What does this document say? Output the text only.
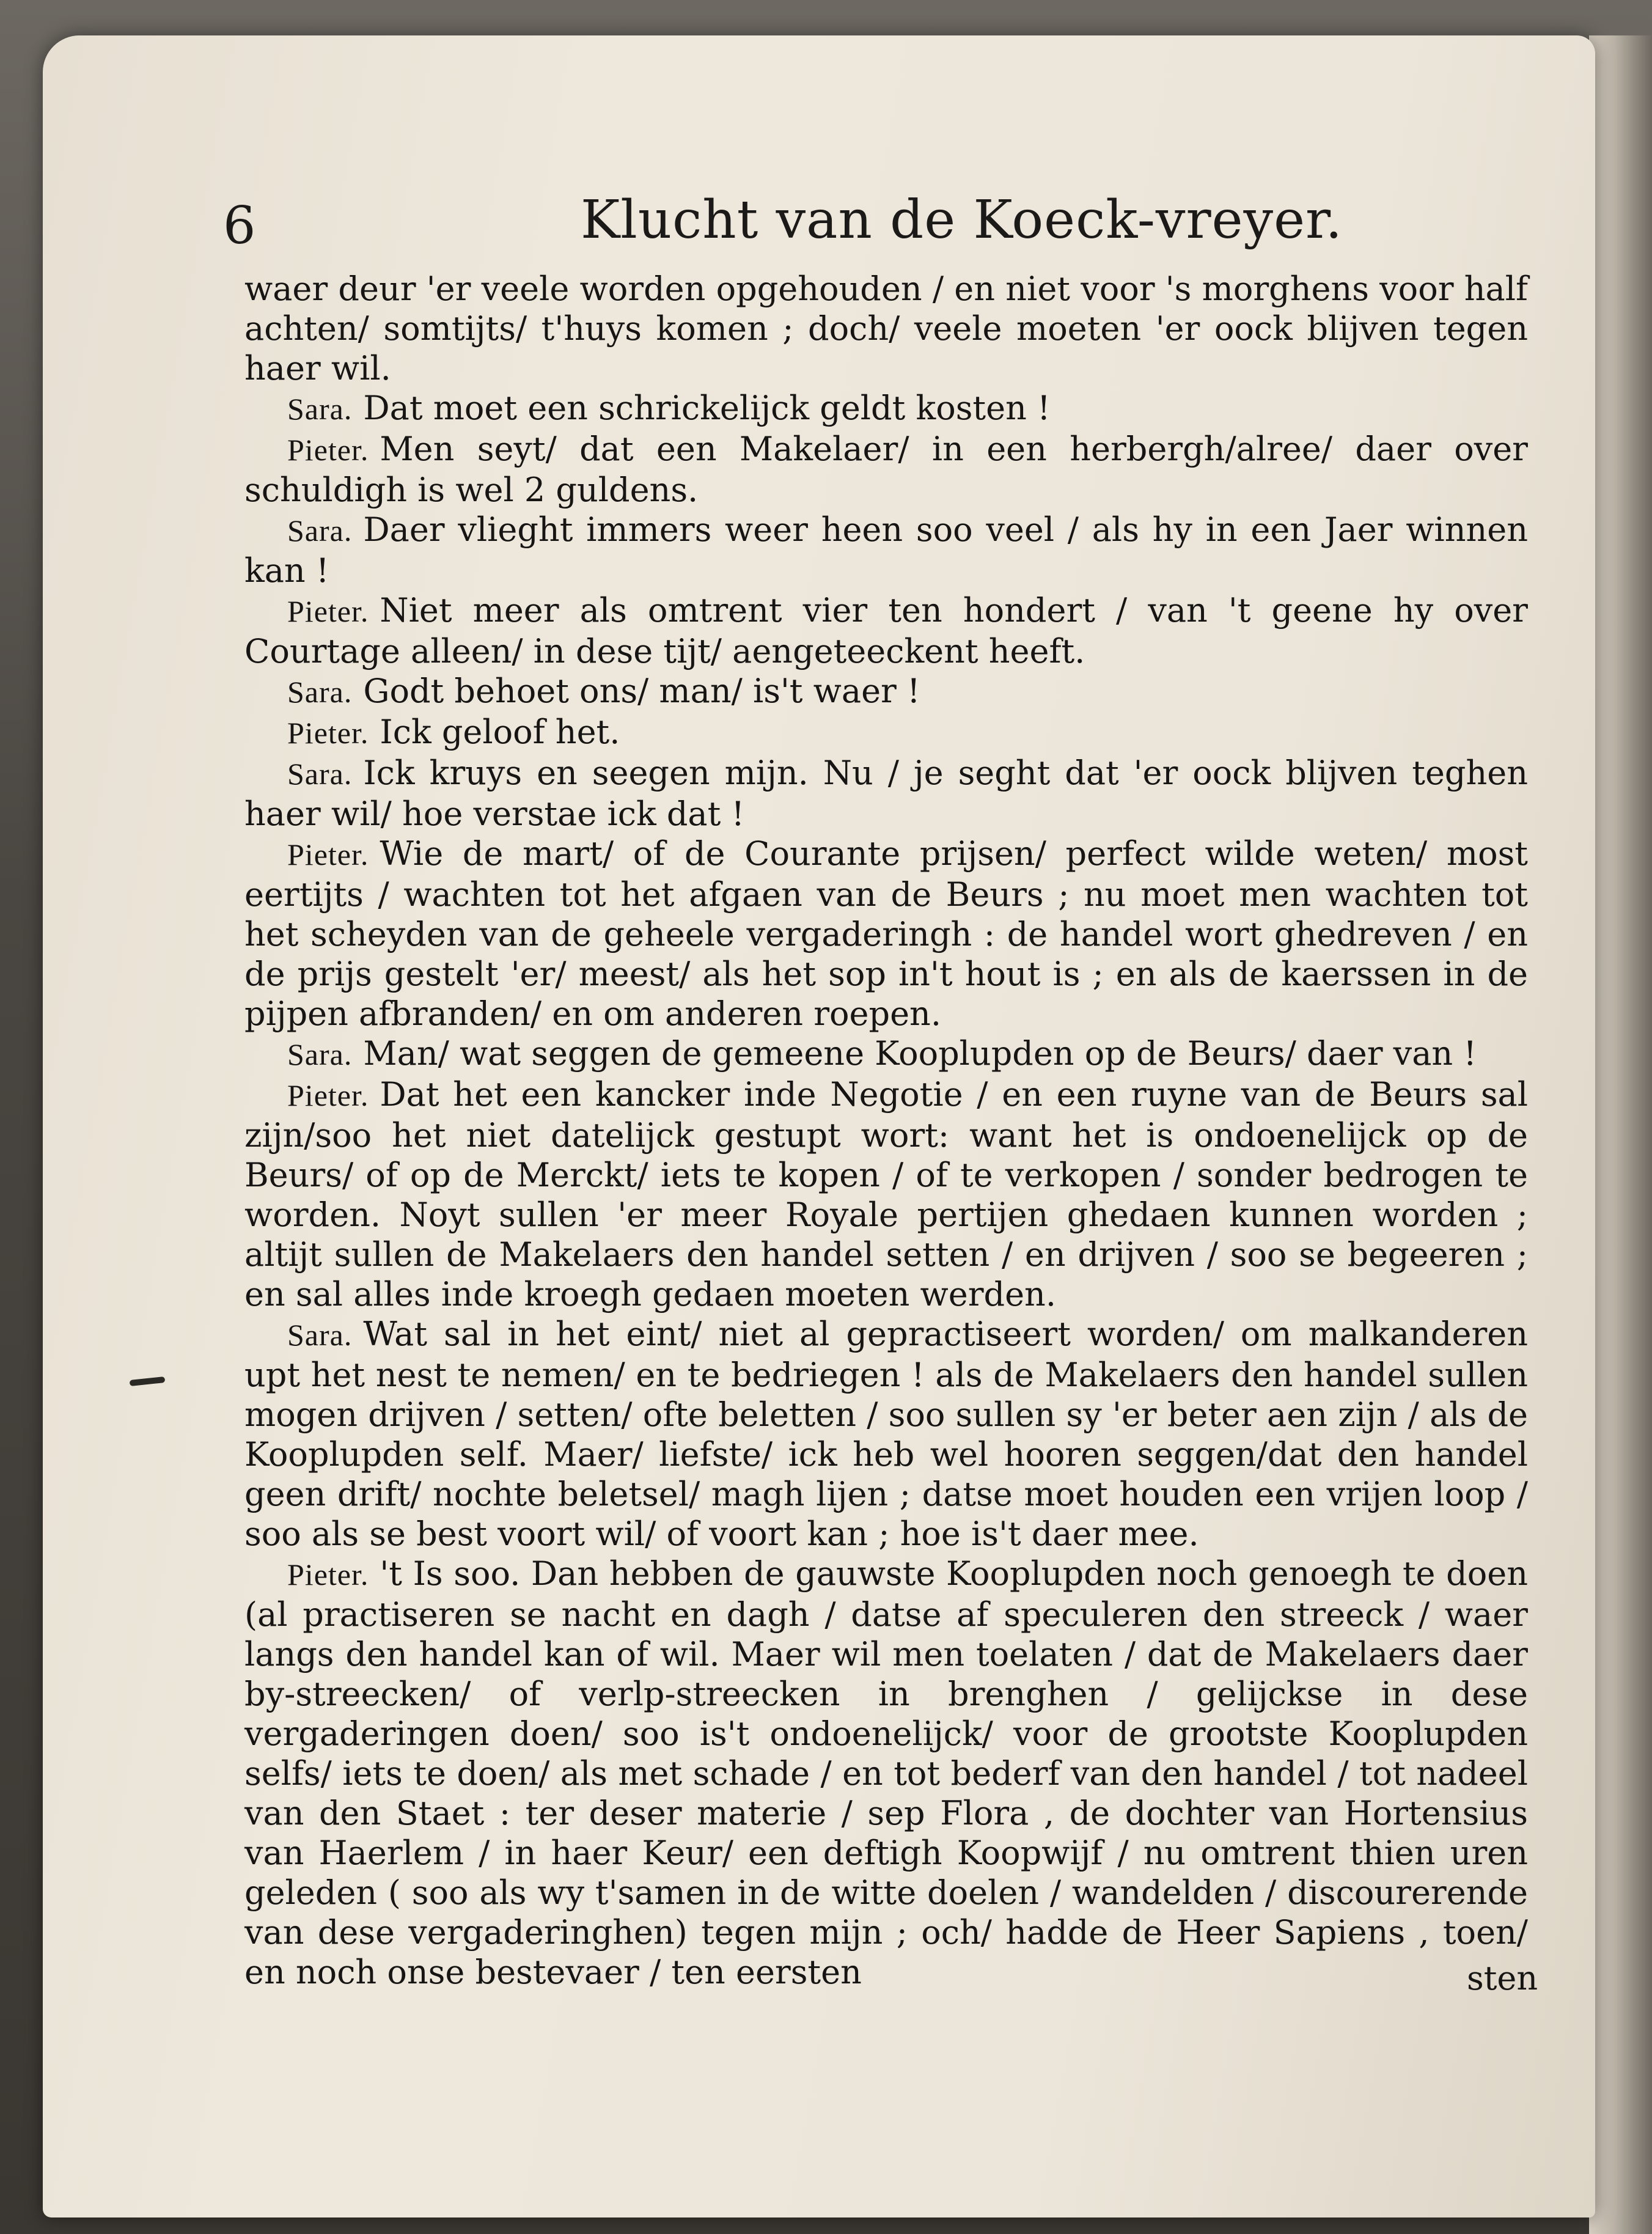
6	Klucht van de Koeck-vreyer.

waer deur 'er veele worden opgehouden / en niet voor 's morghens voor half achten/ somtijts/ t'huys komen ; doch/ veele moeten 'er oock blijven tegen haer wil.

Sara. Dat moet een schrickelijck geldt kosten !

Pieter. Men seyt/ dat een Makelaer/ in een herbergh/alree/ daer over schuldigh is wel 2 guldens.

Sara. Daer vlieght immers weer heen soo veel / als hy in een Jaer winnen kan !

Pieter. Niet meer als omtrent vier ten hondert / van 't geene hy over Courtage alleen/ in dese tijt/ aengeteeckent heeft.

Sara. Godt behoet ons/ man/ is't waer !

Pieter. Ick geloof het.

Sara. Ick kruys en seegen mijn. Nu / je seght dat 'er oock blijven teghen haer wil/ hoe verstae ick dat !

Pieter. Wie de mart/ of de Courante prijsen/ perfect wilde weten/ most eertijts / wachten tot het afgaen van de Beurs ; nu moet men wachten tot het scheyden van de geheele vergaderingh : de handel wort ghedreven / en de prijs gestelt 'er/ meest/ als het sop in't hout is ; en als de kaerssen in de pijpen afbranden/ en om anderen roepen.

Sara. Man/ wat seggen de gemeene Kooplupden op de Beurs/ daer van !

Pieter. Dat het een kancker inde Negotie / en een ruyne van de Beurs sal zijn/soo het niet datelijck gestupt wort: want het is ondoenelijck op de Beurs/ of op de Merckt/ iets te kopen / of te verkopen / sonder bedrogen te worden. Noyt sullen 'er meer Royale pertijen ghedaen kunnen worden ; altijt sullen de Makelaers den handel setten / en drijven / soo se begeeren ; en sal alles inde kroegh gedaen moeten werden.

Sara. Wat sal in het eint/ niet al gepractiseert worden/ om malkanderen upt het nest te nemen/ en te bedriegen ! als de Makelaers den handel sullen mogen drijven / setten/ ofte beletten / soo sullen sy 'er beter aen zijn / als de Kooplupden self. Maer/ liefste/ ick heb wel hooren seggen/dat den handel geen drift/ nochte beletsel/ magh lijen ; datse moet houden een vrijen loop / soo als se best voort wil/ of voort kan ; hoe is't daer mee.

Pieter. 't Is soo. Dan hebben de gauwste Kooplupden noch genoegh te doen (al practiseren se nacht en dagh / datse af speculeren den streeck / waer langs den handel kan of wil. Maer wil men toelaten / dat de Makelaers daer by-streecken/ of verlp-streecken in brenghen / gelijckse in dese vergaderingen doen/ soo is't ondoenelijck/ voor de grootste Kooplupden selfs/ iets te doen/ als met schade / en tot bederf van den handel / tot nadeel van den Staet : ter deser materie / sep Flora , de dochter van Hortensius van Haerlem / in haer Keur/ een deftigh Koopwijf / nu omtrent thien uren geleden ( soo als wy t'samen in de witte doelen / wandelden / discourerende van dese vergaderinghen) tegen mijn ; och/ hadde de Heer Sapiens , toen/ en noch onse bestevaer / ten eersten	sten
